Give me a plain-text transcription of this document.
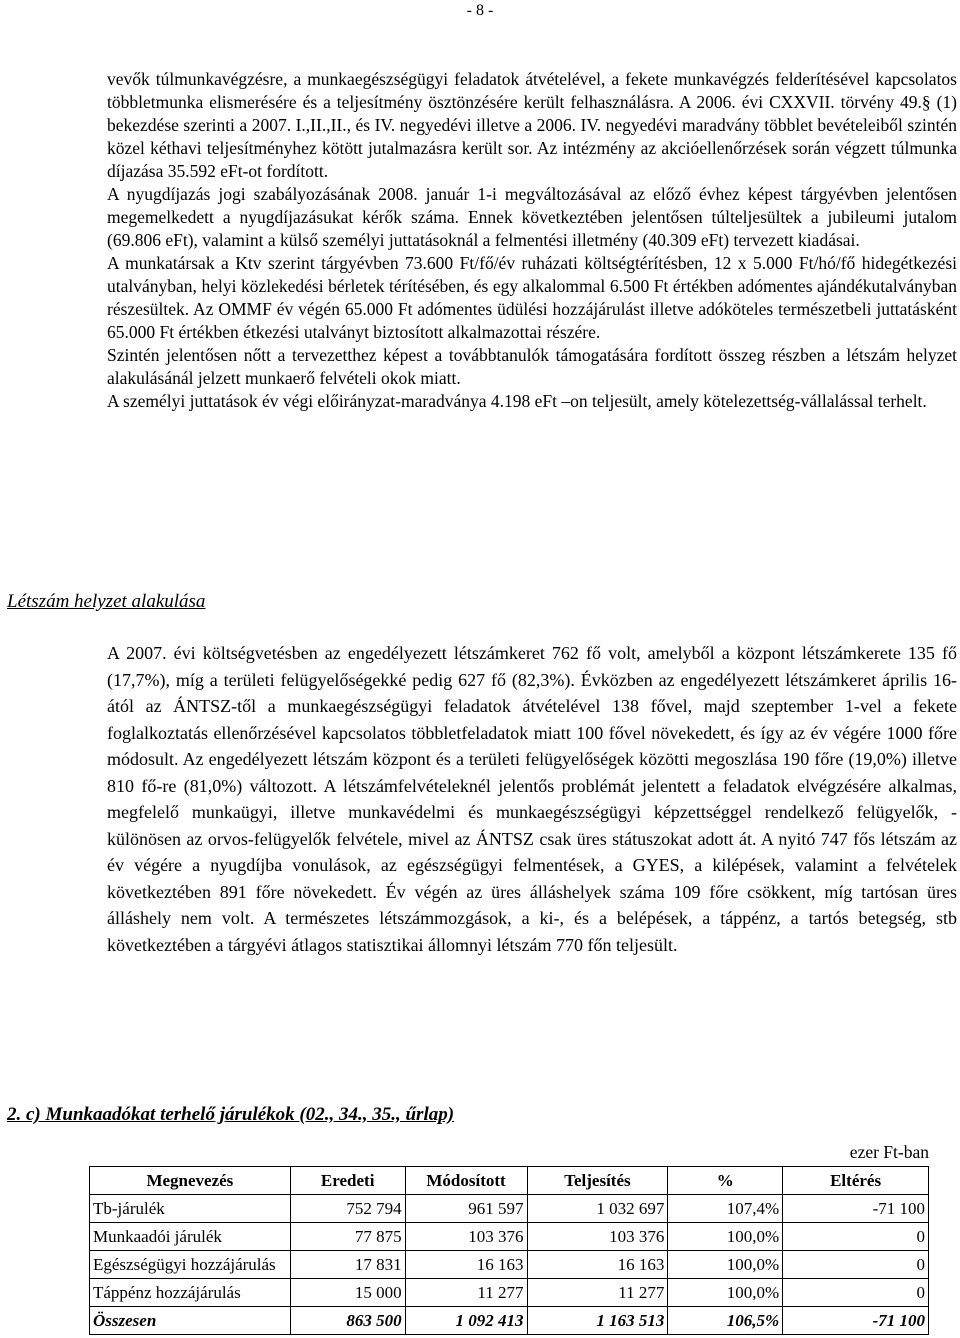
- 8 -

vevők túlmunkavégzésre, a munkaegészségügyi feladatok átvételével, a fekete munkavégzés felderítésével kapcsolatos többletmunka elismerésére és a teljesítmény ösztönzésére került felhasználásra. A 2006. évi CXXVII. törvény 49.§ (1) bekezdése szerinti a 2007. I.,II.,II., és IV. negyedévi illetve a 2006. IV. negyedévi maradvány többlet bevételeiből szintén közel kéthavi teljesítményhez kötött jutalmazásra került sor. Az intézmény az akcióellenőrzések során végzett túlmunka díjazása 35.592 eFt-ot fordított.

A nyugdíjazás jogi szabályozásának 2008. január 1-i megváltozásával az előző évhez képest tárgyévben jelentősen megemelkedett a nyugdíjazásukat kérők száma. Ennek következtében jelentősen túlteljesültek a jubileumi jutalom (69.806 eFt), valamint a külső személyi juttatásoknál a felmentési illetmény (40.309 eFt) tervezett kiadásai.

A munkatársak a Ktv szerint tárgyévben 73.600 Ft/fő/év ruházati költségtérítésben, 12 x 5.000 Ft/hó/fő hidegétkezési utalványban, helyi közlekedési bérletek térítésében, és egy alkalommal 6.500 Ft értékben adómentes ajándékutalványban részesültek. Az OMMF év végén 65.000 Ft adómentes üdülési hozzájárulást illetve adóköteles természetbeli juttatásként 65.000 Ft értékben étkezési utalványt biztosított alkalmazottai részére.

Szintén jelentősen nőtt a tervezetthez képest a továbbtanulók támogatására fordított összeg részben a létszám helyzet alakulásánál jelzett munkaerő felvételi okok miatt.

A személyi juttatások év végi előirányzat-maradványa 4.198 eFt –on teljesült, amely kötelezettség-vállalással terhelt.

Létszám helyzet alakulása

A 2007. évi költségvetésben az engedélyezett létszámkeret 762 fő volt, amelyből a központ létszámkerete 135 fő (17,7%), míg a területi felügyelőségekké pedig 627 fő (82,3%). Évközben az engedélyezett létszámkeret április 16-ától az ÁNTSZ-től a munkaegészségügyi feladatok átvételével 138 fővel, majd szeptember 1-vel a fekete foglalkoztatás ellenőrzésével kapcsolatos többletfeladatok miatt 100 fővel növekedett, és így az év végére 1000 főre módosult. Az engedélyezett létszám központ és a területi felügyelőségek közötti megoszlása 190 főre (19,0%) illetve 810 fő-re (81,0%) változott. A létszámfelvételeknél jelentős problémát jelentett a feladatok elvégzésére alkalmas, megfelelő munkaügyi, illetve munkavédelmi és munkaegészségügyi képzettséggel rendelkező felügyelők, - különösen az orvos-felügyelők felvétele, mivel az ÁNTSZ csak üres státuszokat adott át. A nyitó 747 fős létszám az év végére a nyugdíjba vonulások, az egészségügyi felmentések, a GYES, a kilépések, valamint a felvételek következtében 891 főre növekedett. Év végén az üres álláshelyek száma 109 főre csökkent, míg tartósan üres álláshely nem volt. A természetes létszámmozgások, a ki-, és a belépések, a táppénz, a tartós betegség, stb következtében a tárgyévi átlagos statisztikai állomnyi létszám 770 főn teljesült.

2. c) Munkaadókat terhelő járulékok (02., 34., 35., űrlap)
ezer Ft-ban
Megnevezés	Eredeti	Módosított	Teljesítés	%	Eltérés
Tb-járulék	752 794	961 597	1 032 697	107,4%	-71 100
Munkaadói járulék	77 875	103 376	103 376	100,0%	0
Egészségügyi hozzájárulás	17 831	16 163	16 163	100,0%	0
Táppénz hozzájárulás	15 000	11 277	11 277	100,0%	0
Összesen	863 500	1 092 413	1 163 513	106,5%	-71 100
